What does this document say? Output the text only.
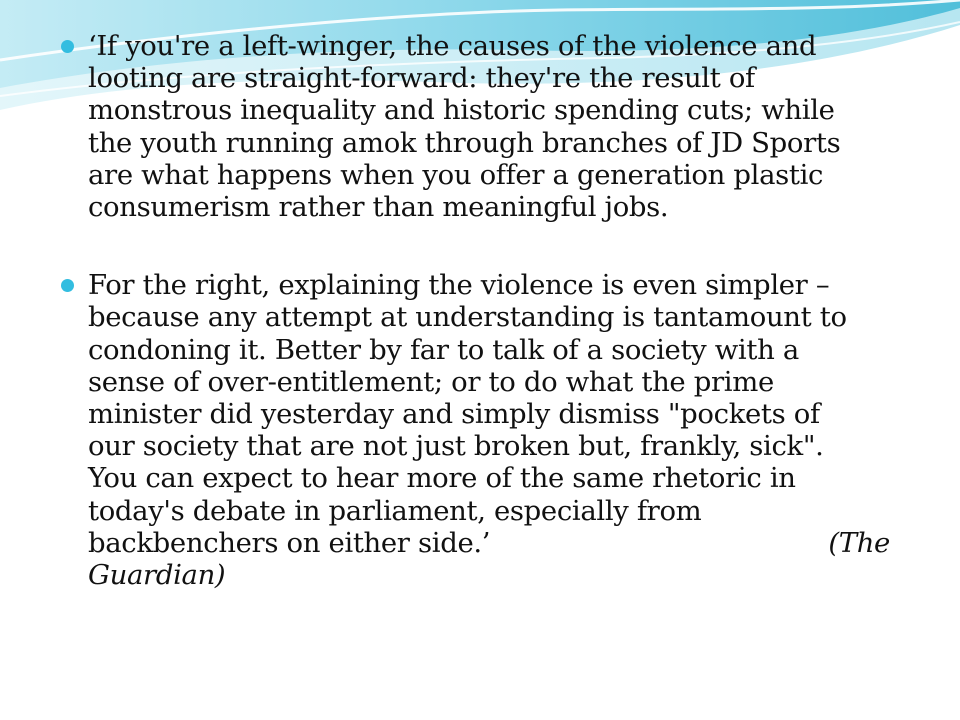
‘If you're a left-winger, the causes of the violence and
looting are straight-forward: they're the result of
monstrous inequality and historic spending cuts; while
the youth running amok through branches of JD Sports
are what happens when you offer a generation plastic
consumerism rather than meaningful jobs.
For the right, explaining the violence is even simpler –
because any attempt at understanding is tantamount to
condoning it. Better by far to talk of a society with a
sense of over-entitlement; or to do what the prime
minister did yesterday and simply dismiss "pockets of
our society that are not just broken but, frankly, sick".
You can expect to hear more of the same rhetoric in
today's debate in parliament, especially from
backbenchers on either side.’	(The
Guardian)
